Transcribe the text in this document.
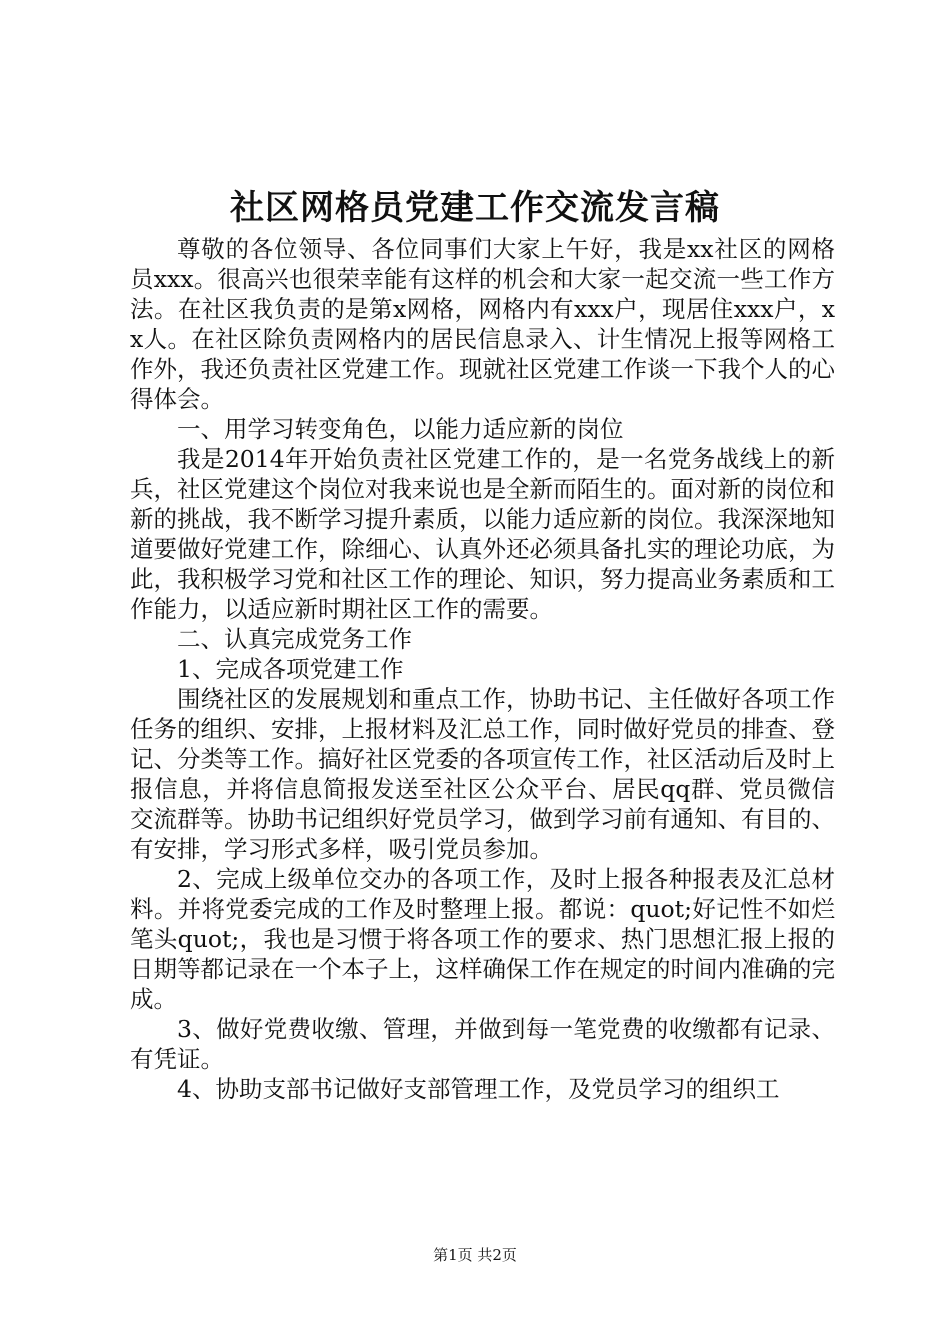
社区网格员党建工作交流发言稿

尊敬的各位领导、各位同事们大家上午好，我是xx社区的网格员xxx。很高兴也很荣幸能有这样的机会和大家一起交流一些工作方法。在社区我负责的是第x网格，网格内有xxx户，现居住xxx户，xx人。在社区除负责网格内的居民信息录入、计生情况上报等网格工作外，我还负责社区党建工作。现就社区党建工作谈一下我个人的心得体会。

一、用学习转变角色，以能力适应新的岗位

我是2014年开始负责社区党建工作的，是一名党务战线上的新兵，社区党建这个岗位对我来说也是全新而陌生的。面对新的岗位和新的挑战，我不断学习提升素质，以能力适应新的岗位。我深深地知道要做好党建工作，除细心、认真外还必须具备扎实的理论功底，为此，我积极学习党和社区工作的理论、知识，努力提高业务素质和工作能力，以适应新时期社区工作的需要。

二、认真完成党务工作

1、完成各项党建工作

围绕社区的发展规划和重点工作，协助书记、主任做好各项工作任务的组织、安排，上报材料及汇总工作，同时做好党员的排查、登记、分类等工作。搞好社区党委的各项宣传工作，社区活动后及时上报信息，并将信息简报发送至社区公众平台、居民qq群、党员微信交流群等。协助书记组织好党员学习，做到学习前有通知、有目的、有安排，学习形式多样，吸引党员参加。

2、完成上级单位交办的各项工作，及时上报各种报表及汇总材料。并将党委完成的工作及时整理上报。都说：quot;好记性不如烂笔头quot;，我也是习惯于将各项工作的要求、热门思想汇报上报的日期等都记录在一个本子上，这样确保工作在规定的时间内准确的完成。

3、做好党费收缴、管理，并做到每一笔党费的收缴都有记录、有凭证。

4、协助支部书记做好支部管理工作，及党员学习的组织工

第1页 共2页
